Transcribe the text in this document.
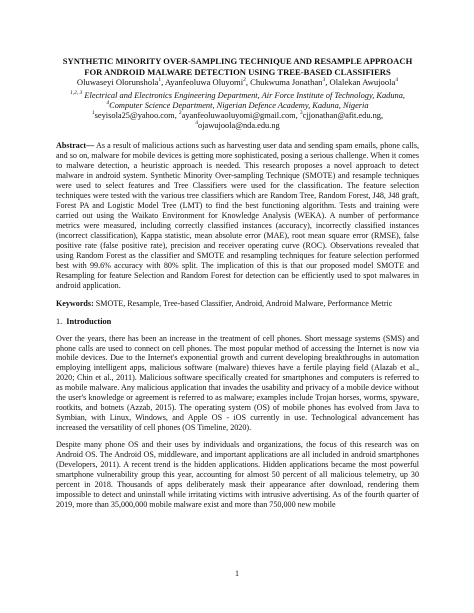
SYNTHETIC MINORITY OVER-SAMPLING TECHNIQUE AND RESAMPLE APPROACH
FOR ANDROID MALWARE DETECTION USING TREE-BASED CLASSIFIERS
Oluwaseyi Olorunshola$^1$, Ayanfeoluwa Oluyomi$^2$, Chukwuma Jonathan$^3$, Olalekan Awujoola$^4$
$^{1,2, 3}$ Electrical and Electronics Engineering Department, Air Force Institute of Technology, Kaduna,
$^4$Computer Science Department, Nigerian Defence Academy, Kaduna, Nigeria
$^1$seyisola25@yahoo.com, $^2$ayanfeoluwaoluyomi@gmail.com, $^3$cjjonathan@afit.edu.ng,
$^4$ojawujoola@nda.edu.ng
Abstract— As a result of malicious actions such as harvesting user data and sending spam emails, phone calls, and so on, malware for mobile devices is getting more sophisticated, posing a serious challenge. When it comes to malware detection, a heuristic approach is needed. This research proposes a novel approach to detect malware in android system. Synthetic Minority Over-sampling Technique (SMOTE) and resample techniques were used to select features and Tree Classifiers were used for the classification. The feature selection techniques were tested with the various tree classifiers which are Random Tree, Random Forest, J48, J48 graft, Forest PA and Logistic Model Tree (LMT) to find the best functioning algorithm. Tests and training were carried out using the Waikato Environment for Knowledge Analysis (WEKA). A number of performance metrics were measured, including correctly classified instances (accuracy), incorrectly classified instances (incorrect classification), Kappa statistic, mean absolute error (MAE), root mean square error (RMSE), false positive rate (false positive rate), precision and receiver operating curve (ROC). Observations revealed that using Random Forest as the classifier and SMOTE and resampling techniques for feature selection performed best with 99.6% accuracy with 80% split. The implication of this is that our proposed model SMOTE and Resampling for feature Selection and Random Forest for detection can be efficiently used to spot malwares in android application.
Keywords: SMOTE, Resample, Tree-based Classifier, Android, Android Malware, Performance Metric
1. Introduction
Over the years, there has been an increase in the treatment of cell phones. Short message systems (SMS) and phone calls are used to connect on cell phones. The most popular method of accessing the Internet is now via mobile devices. Due to the Internet's exponential growth and current developing breakthroughs in automation employing intelligent apps, malicious software (malware) thieves have a fertile playing field (Alazab et al., 2020; Chin et al., 2011). Malicious software specifically created for smartphones and computers is referred to as mobile malware. Any malicious application that invades the usability and privacy of a mobile device without the user's knowledge or agreement is referred to as malware; examples include Trojan horses, worms, spyware, rootkits, and botnets (Azzab, 2015). The operating system (OS) of mobile phones has evolved from Java to Symbian, with Linux, Windows, and Apple OS - iOS currently in use. Technological advancement has increased the versatility of cell phones (OS Timeline, 2020).
Despite many phone OS and their uses by individuals and organizations, the focus of this research was on Android OS. The Android OS, middleware, and important applications are all included in android smartphones (Developers, 2011). A recent trend is the hidden applications. Hidden applications became the most powerful smartphone vulnerability group this year, accounting for almost 50 percent of all malicious telemetry, up 30 percent in 2018. Thousands of apps deliberately mask their appearance after download, rendering them impossible to detect and uninstall while irritating victims with intrusive advertising. As of the fourth quarter of 2019, more than 35,000,000 mobile malware exist and more than 750,000 new mobile
1
